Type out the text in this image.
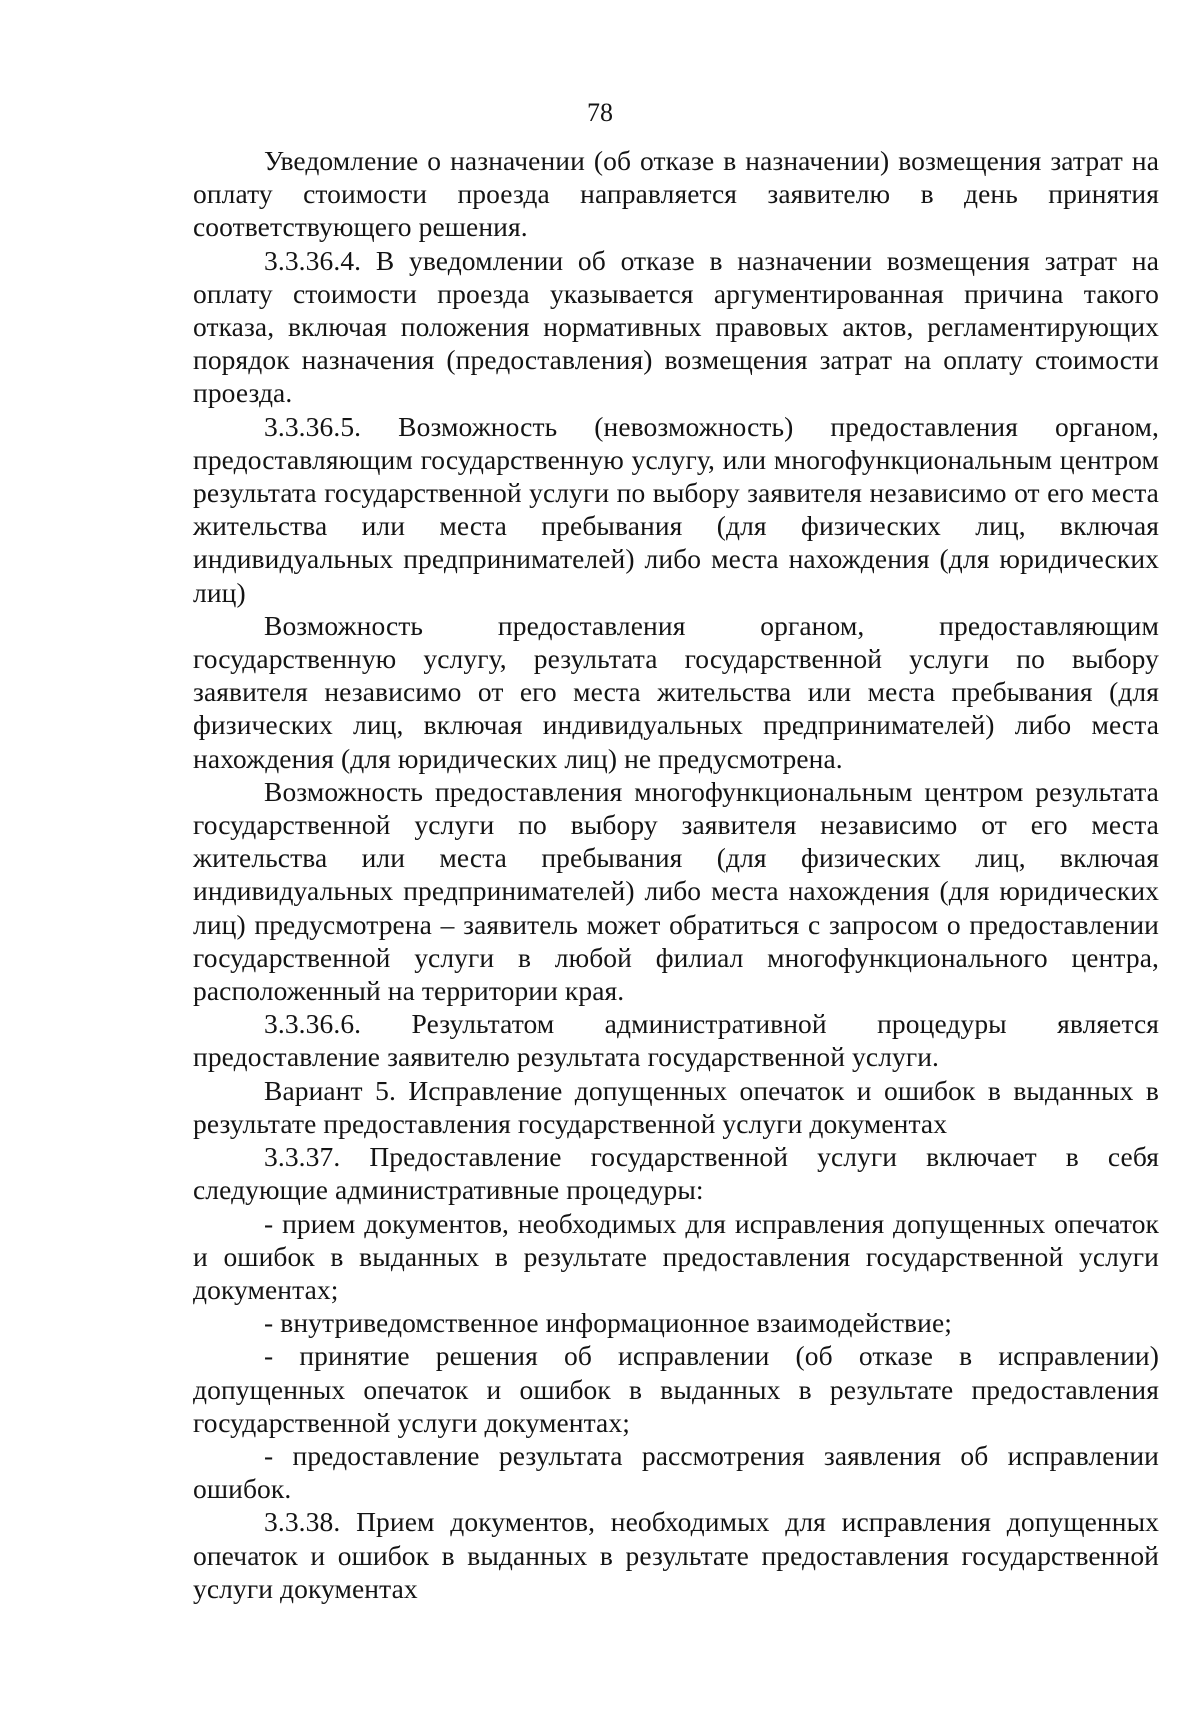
78

Уведомление о назначении (об отказе в назначении) возмещения затрат на оплату стоимости проезда направляется заявителю в день принятия соответствующего решения.

3.3.36.4. В уведомлении об отказе в назначении возмещения затрат на оплату стоимости проезда указывается аргументированная причина такого отказа, включая положения нормативных правовых актов, регламентирующих порядок назначения (предоставления) возмещения затрат на оплату стоимости проезда.

3.3.36.5. Возможность (невозможность) предоставления органом, предоставляющим государственную услугу, или многофункциональным центром результата государственной услуги по выбору заявителя независимо от его места жительства или места пребывания (для физических лиц, включая индивидуальных предпринимателей) либо места нахождения (для юридических лиц)

Возможность предоставления органом, предоставляющим государственную услугу, результата государственной услуги по выбору заявителя независимо от его места жительства или места пребывания (для физических лиц, включая индивидуальных предпринимателей) либо места нахождения (для юридических лиц) не предусмотрена.

Возможность предоставления многофункциональным центром результата государственной услуги по выбору заявителя независимо от его места жительства или места пребывания (для физических лиц, включая индивидуальных предпринимателей) либо места нахождения (для юридических лиц) предусмотрена – заявитель может обратиться с запросом о предоставлении государственной услуги в любой филиал многофункционального центра, расположенный на территории края.

3.3.36.6. Результатом административной процедуры является предоставление заявителю результата государственной услуги.

Вариант 5. Исправление допущенных опечаток и ошибок в выданных в результате предоставления государственной услуги документах

3.3.37. Предоставление государственной услуги включает в себя следующие административные процедуры:

- прием документов, необходимых для исправления допущенных опечаток и ошибок в выданных в результате предоставления государственной услуги документах;

- внутриведомственное информационное взаимодействие;

- принятие решения об исправлении (об отказе в исправлении) допущенных опечаток и ошибок в выданных в результате предоставления государственной услуги документах;

- предоставление результата рассмотрения заявления об исправлении ошибок.

3.3.38. Прием документов, необходимых для исправления допущенных опечаток и ошибок в выданных в результате предоставления государственной услуги документах
